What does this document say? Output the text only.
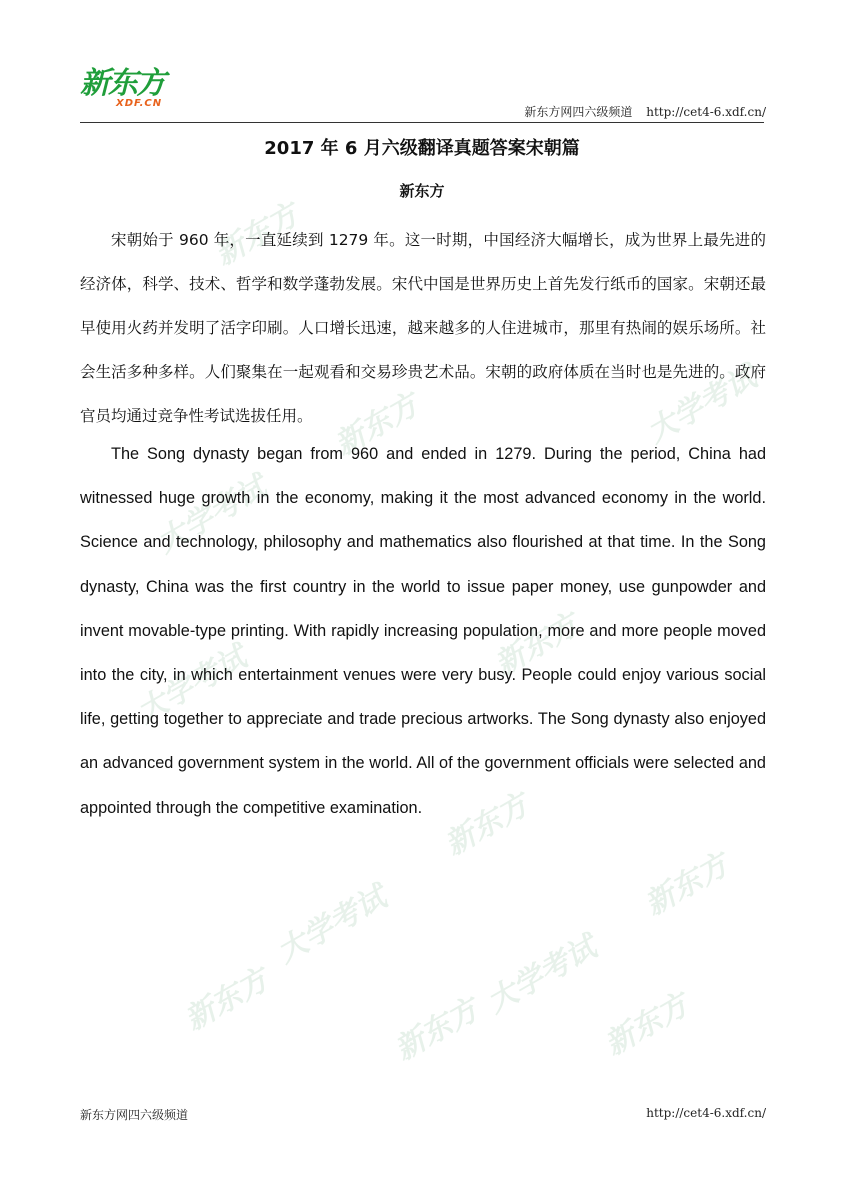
新东方
新东方
大学考试
大学考试
新东方
大学考试
新东方
新东方
大学考试
新东方	大学考试
新东方	新东方
新东方
XDF.CN
新东方网四六级频道 http://cet4-6.xdf.cn/
2017 年 6 月六级翻译真题答案宋朝篇
新东方

宋朝始于 960 年，一直延续到 1279 年。这一时期，中国经济大幅增长，成为世界上最先进的经济体，科学、技术、哲学和数学蓬勃发展。宋代中国是世界历史上首先发行纸币的国家。宋朝还最早使用火药并发明了活字印刷。人口增长迅速，越来越多的人住进城市，那里有热闹的娱乐场所。社会生活多种多样。人们聚集在一起观看和交易珍贵艺术品。宋朝的政府体质在当时也是先进的。政府官员均通过竞争性考试选拔任用。

The Song dynasty began from 960 and ended in 1279. During the period, China had witnessed huge growth in the economy, making it the most advanced economy in the world. Science and technology, philosophy and mathematics also flourished at that time. In the Song dynasty, China was the first country in the world to issue paper money, use gunpowder and invent movable-type printing. With rapidly increasing population, more and more people moved into the city, in which entertainment venues were very busy. People could enjoy various social life, getting together to appreciate and trade precious artworks. The Song dynasty also enjoyed an advanced government system in the world. All of the government officials were selected and appointed through the competitive examination.

新东方网四六级频道	http://cet4-6.xdf.cn/
